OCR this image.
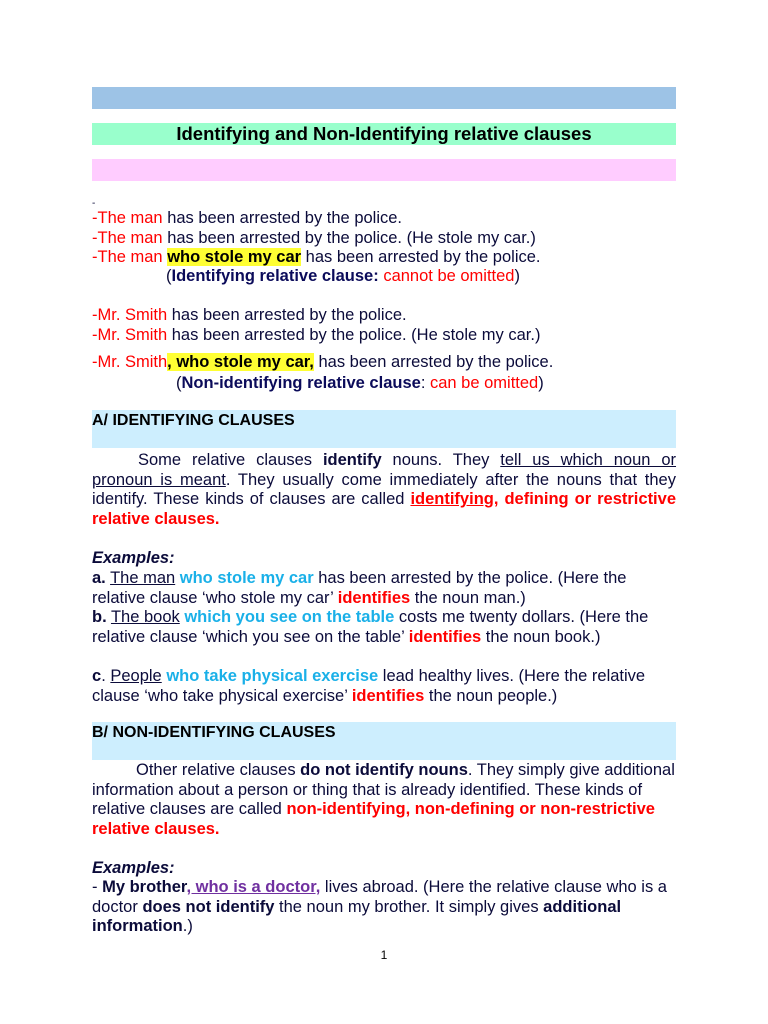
Identifying and Non-Identifying relative clauses
-
-The man has been arrested by the police.
-The man has been arrested by the police. (He stole my car.)
-The man who stole my car has been arrested by the police.
(Identifying relative clause: cannot be omitted)
-Mr. Smith has been arrested by the police.
-Mr. Smith has been arrested by the police. (He stole my car.)
-Mr. Smith, who stole my car, has been arrested by the police.
(Non-identifying relative clause: can be omitted)
A/ IDENTIFYING CLAUSES
Some relative clauses identify nouns. They tell us which noun or pronoun is meant. They usually come immediately after the nouns that they identify. These kinds of clauses are called identifying, defining or restrictive relative clauses.
Examples:
a. The man who stole my car has been arrested by the police. (Here the relative clause ‘who stole my car’ identifies the noun man.)
b. The book which you see on the table costs me twenty dollars. (Here the relative clause ‘which you see on the table’ identifies the noun book.)
c. People who take physical exercise lead healthy lives. (Here the relative clause ‘who take physical exercise’ identifies the noun people.)
B/ NON-IDENTIFYING CLAUSES
Other relative clauses do not identify nouns. They simply give additional information about a person or thing that is already identified. These kinds of relative clauses are called non-identifying, non-defining or non-restrictive relative clauses.
Examples:
- My brother, who is a doctor, lives abroad. (Here the relative clause who is a doctor does not identify the noun my brother. It simply gives additional information.)
1
